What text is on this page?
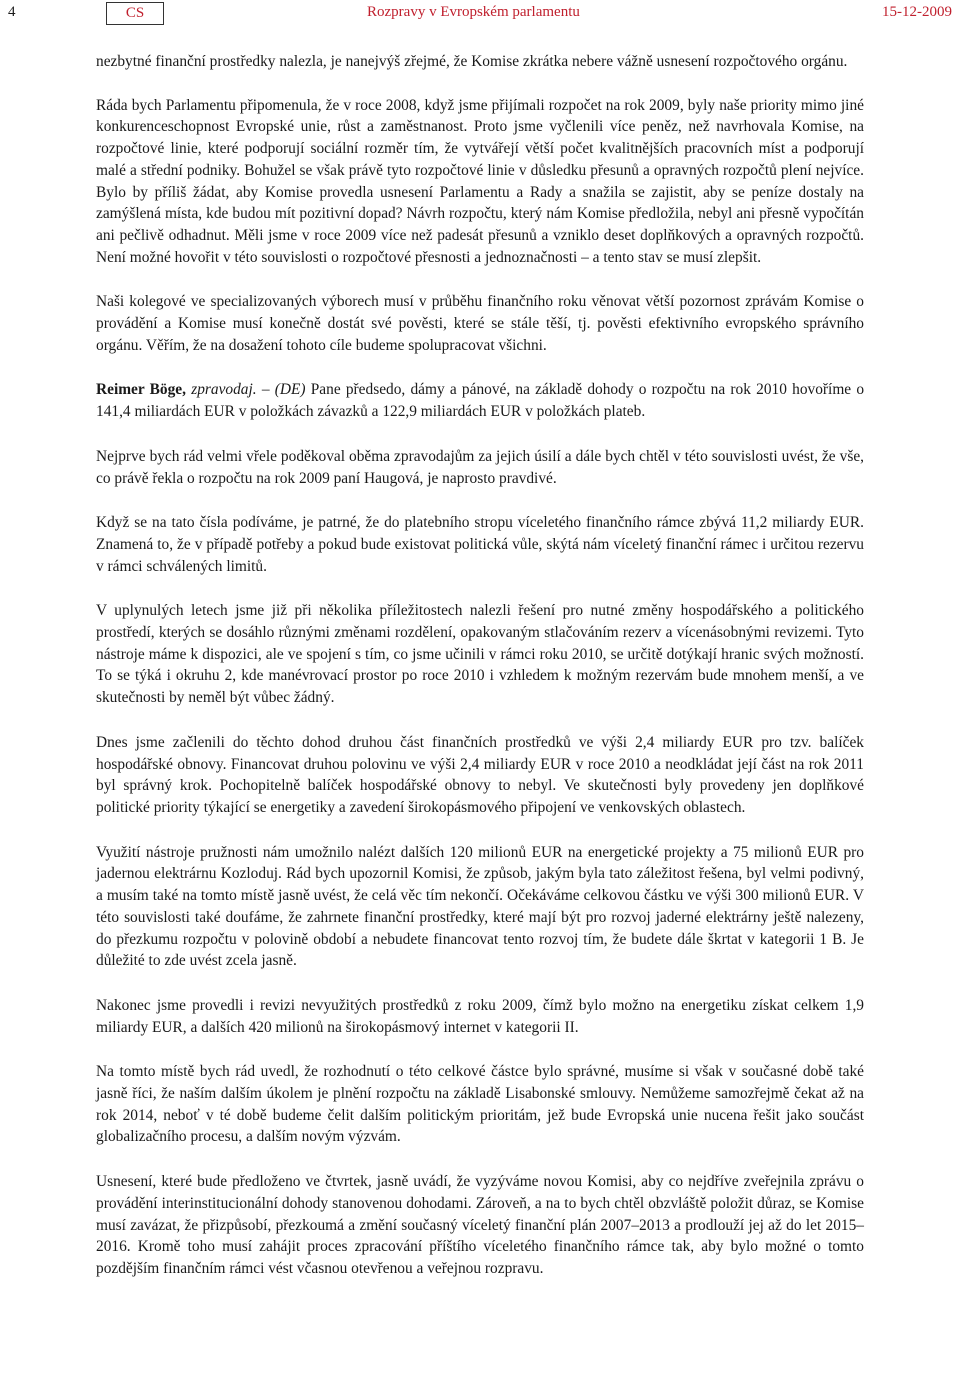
4	CS	Rozpravy v Evropském parlamentu	15-12-2009

nezbytné finanční prostředky nalezla, je nanejvýš zřejmé, že Komise zkrátka nebere vážně usnesení rozpočtového orgánu.

Ráda bych Parlamentu připomenula, že v roce 2008, když jsme přijímali rozpočet na rok 2009, byly naše priority mimo jiné konkurenceschopnost Evropské unie, růst a zaměstnanost. Proto jsme vyčlenili více peněz, než navrhovala Komise, na rozpočtové linie, které podporují sociální rozměr tím, že vytvářejí větší počet kvalitnějších pracovních míst a podporují malé a střední podniky. Bohužel se však právě tyto rozpočtové linie v důsledku přesunů a opravných rozpočtů plení nejvíce. Bylo by příliš žádat, aby Komise provedla usnesení Parlamentu a Rady a snažila se zajistit, aby se peníze dostaly na zamýšlená místa, kde budou mít pozitivní dopad? Návrh rozpočtu, který nám Komise předložila, nebyl ani přesně vypočítán ani pečlivě odhadnut. Měli jsme v roce 2009 více než padesát přesunů a vzniklo deset doplňkových a opravných rozpočtů. Není možné hovořit v této souvislosti o rozpočtové přesnosti a jednoznačnosti – a tento stav se musí zlepšit.

Naši kolegové ve specializovaných výborech musí v průběhu finančního roku věnovat větší pozornost zprávám Komise o provádění a Komise musí konečně dostát své pověsti, které se stále těší, tj. pověsti efektivního evropského správního orgánu. Věřím, že na dosažení tohoto cíle budeme spolupracovat všichni.

Reimer Böge, zpravodaj. – (DE) Pane předsedo, dámy a pánové, na základě dohody o rozpočtu na rok 2010 hovoříme o 141,4 miliardách EUR v položkách závazků a 122,9 miliardách EUR v položkách plateb.

Nejprve bych rád velmi vřele poděkoval oběma zpravodajům za jejich úsilí a dále bych chtěl v této souvislosti uvést, že vše, co právě řekla o rozpočtu na rok 2009 paní Haugová, je naprosto pravdivé.

Když se na tato čísla podíváme, je patrné, že do platebního stropu víceletého finančního rámce zbývá 11,2 miliardy EUR. Znamená to, že v případě potřeby a pokud bude existovat politická vůle, skýtá nám víceletý finanční rámec i určitou rezervu v rámci schválených limitů.

V uplynulých letech jsme již při několika příležitostech nalezli řešení pro nutné změny hospodářského a politického prostředí, kterých se dosáhlo různými změnami rozdělení, opakovaným stlačováním rezerv a vícenásobnými revizemi. Tyto nástroje máme k dispozici, ale ve spojení s tím, co jsme učinili v rámci roku 2010, se určitě dotýkají hranic svých možností. To se týká i okruhu 2, kde manévrovací prostor po roce 2010 i vzhledem k možným rezervám bude mnohem menší, a ve skutečnosti by neměl být vůbec žádný.

Dnes jsme začlenili do těchto dohod druhou část finančních prostředků ve výši 2,4 miliardy EUR pro tzv. balíček hospodářské obnovy. Financovat druhou polovinu ve výši 2,4 miliardy EUR v roce 2010 a neodkládat její část na rok 2011 byl správný krok. Pochopitelně balíček hospodářské obnovy to nebyl. Ve skutečnosti byly provedeny jen doplňkové politické priority týkající se energetiky a zavedení širokopásmového připojení ve venkovských oblastech.

Využití nástroje pružnosti nám umožnilo nalézt dalších 120 milionů EUR na energetické projekty a 75 milionů EUR pro jadernou elektrárnu Kozloduj. Rád bych upozornil Komisi, že způsob, jakým byla tato záležitost řešena, byl velmi podivný, a musím také na tomto místě jasně uvést, že celá věc tím nekončí. Očekáváme celkovou částku ve výši 300 milionů EUR. V této souvislosti také doufáme, že zahrnete finanční prostředky, které mají být pro rozvoj jaderné elektrárny ještě nalezeny, do přezkumu rozpočtu v polovině období a nebudete financovat tento rozvoj tím, že budete dále škrtat v kategorii 1 B. Je důležité to zde uvést zcela jasně.

Nakonec jsme provedli i revizi nevyužitých prostředků z roku 2009, čímž bylo možno na energetiku získat celkem 1,9 miliardy EUR, a dalších 420 milionů na širokopásmový internet v kategorii II.

Na tomto místě bych rád uvedl, že rozhodnutí o této celkové částce bylo správné, musíme si však v současné době také jasně říci, že naším dalším úkolem je plnění rozpočtu na základě Lisabonské smlouvy. Nemůžeme samozřejmě čekat až na rok 2014, neboť v té době budeme čelit dalším politickým prioritám, jež bude Evropská unie nucena řešit jako součást globalizačního procesu, a dalším novým výzvám.

Usnesení, které bude předloženo ve čtvrtek, jasně uvádí, že vyzýváme novou Komisi, aby co nejdříve zveřejnila zprávu o provádění interinstitucionální dohody stanovenou dohodami. Zároveň, a na to bych chtěl obzvláště položit důraz, se Komise musí zavázat, že přizpůsobí, přezkoumá a změní současný víceletý finanční plán 2007–2013 a prodlouží jej až do let 2015–2016. Kromě toho musí zahájit proces zpracování příštího víceletého finančního rámce tak, aby bylo možné o tomto pozdějším finančním rámci vést včasnou otevřenou a veřejnou rozpravu.
